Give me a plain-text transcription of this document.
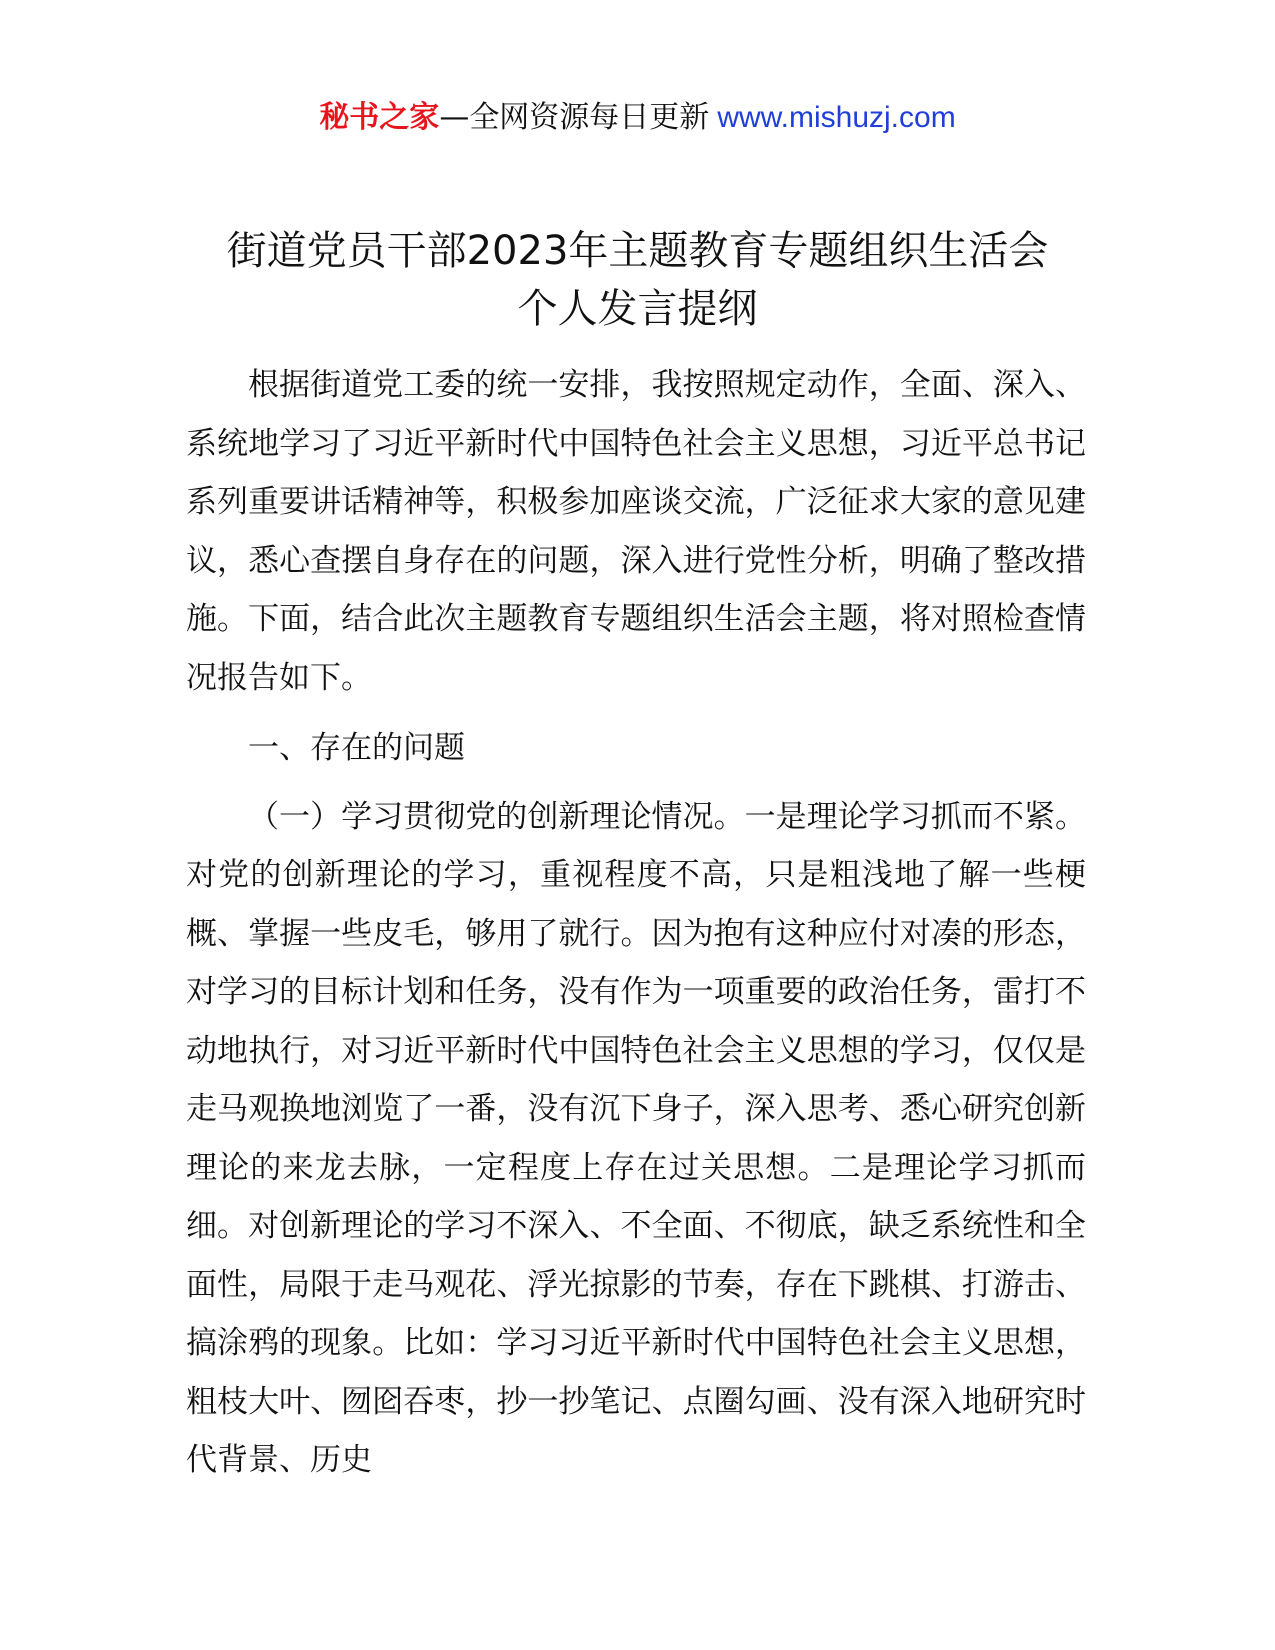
秘书之家—全网资源每日更新 www.mishuzj.com
街道党员干部2023年主题教育专题组织生活会
个人发言提纲

根据街道党工委的统一安排，我按照规定动作，全面、深入、系统地学习了习近平新时代中国特色社会主义思想，习近平总书记系列重要讲话精神等，积极参加座谈交流，广泛征求大家的意见建议，悉心查摆自身存在的问题，深入进行党性分析，明确了整改措施。下面，结合此次主题教育专题组织生活会主题，将对照检查情况报告如下。

一、存在的问题

（一）学习贯彻党的创新理论情况。一是理论学习抓而不紧。对党的创新理论的学习，重视程度不高，只是粗浅地了解一些梗概、掌握一些皮毛，够用了就行。因为抱有这种应付对凑的形态，对学习的目标计划和任务，没有作为一项重要的政治任务，雷打不动地执行，对习近平新时代中国特色社会主义思想的学习，仅仅是走马观换地浏览了一番，没有沉下身子，深入思考、悉心研究创新理论的来龙去脉，一定程度上存在过关思想。二是理论学习抓而细。对创新理论的学习不深入、不全面、不彻底，缺乏系统性和全面性，局限于走马观花、浮光掠影的节奏，存在下跳棋、打游击、搞涂鸦的现象。比如：学习习近平新时代中国特色社会主义思想，粗枝大叶、囫囵吞枣，抄一抄笔记、点圈勾画、没有深入地研究时代背景、历史
